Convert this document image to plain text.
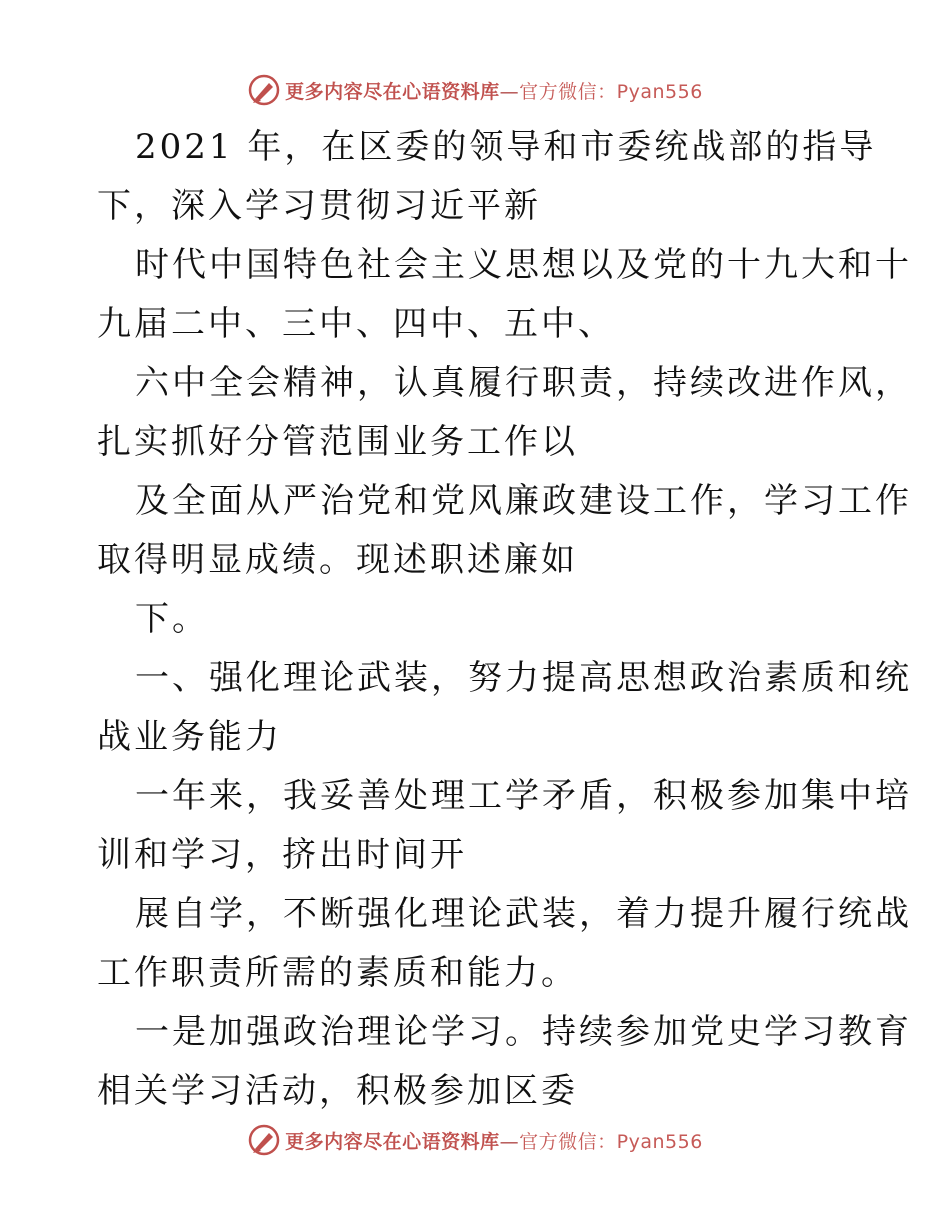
更多内容尽在心语资料库—官方微信：Pyan556
2021 年，在区委的领导和市委统战部的指导
下，深入学习贯彻习近平新
时代中国特色社会主义思想以及党的十九大和十
九届二中、三中、四中、五中、
六中全会精神，认真履行职责，持续改进作风，
扎实抓好分管范围业务工作以
及全面从严治党和党风廉政建设工作，学习工作
取得明显成绩。现述职述廉如
下。
一、强化理论武装，努力提高思想政治素质和统
战业务能力
一年来，我妥善处理工学矛盾，积极参加集中培
训和学习，挤出时间开
展自学，不断强化理论武装，着力提升履行统战
工作职责所需的素质和能力。
一是加强政治理论学习。持续参加党史学习教育
相关学习活动，积极参加区委
更多内容尽在心语资料库—官方微信：Pyan556
